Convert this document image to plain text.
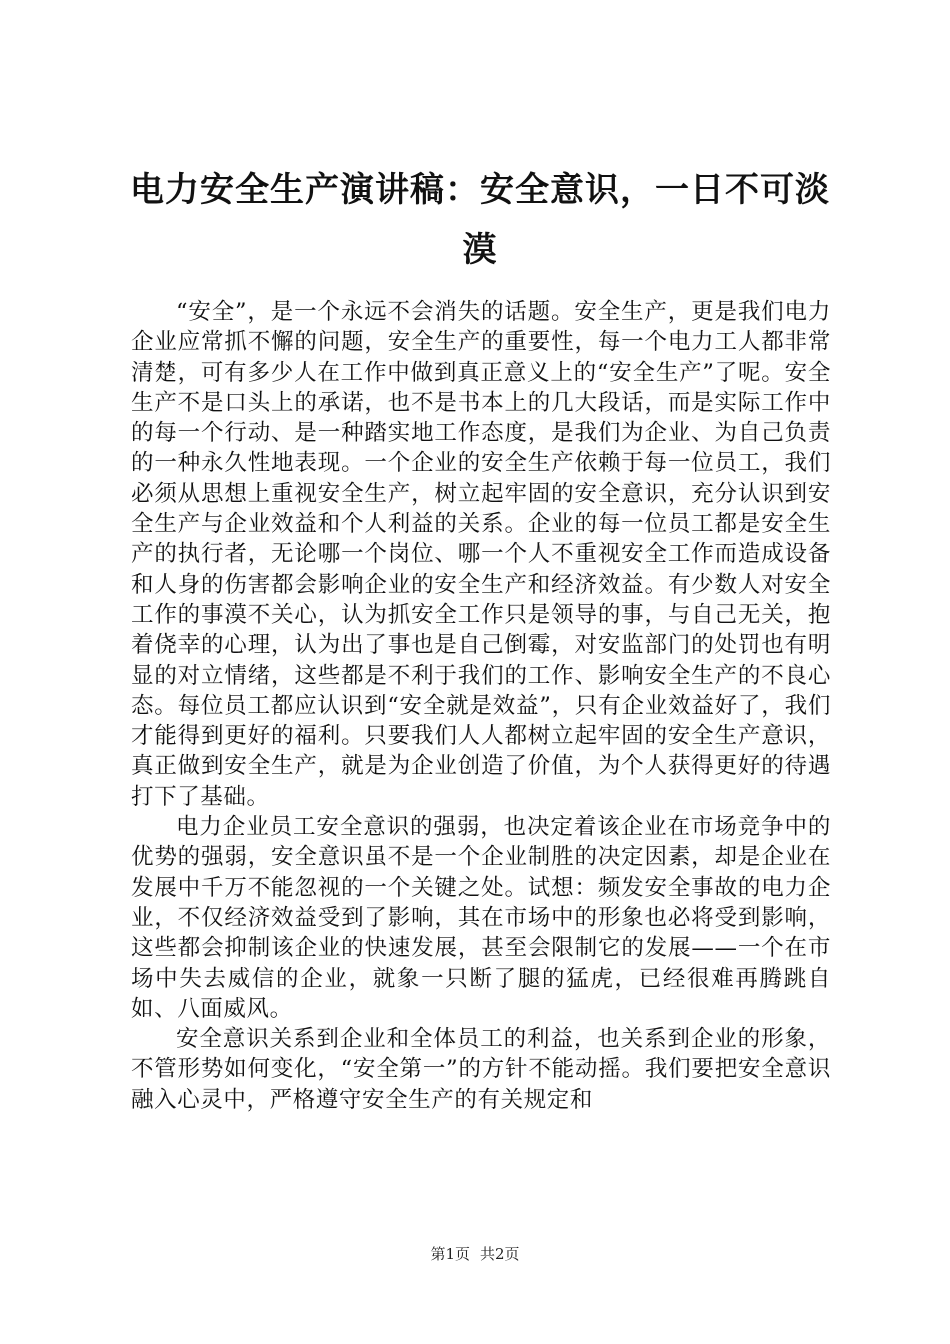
电力安全生产演讲稿：安全意识，一日不可淡漠

“安全”，是一个永远不会消失的话题。安全生产，更是我们电力企业应常抓不懈的问题，安全生产的重要性，每一个电力工人都非常清楚，可有多少人在工作中做到真正意义上的“安全生产”了呢。安全生产不是口头上的承诺，也不是书本上的几大段话，而是实际工作中的每一个行动、是一种踏实地工作态度，是我们为企业、为自己负责的一种永久性地表现。一个企业的安全生产依赖于每一位员工，我们必须从思想上重视安全生产，树立起牢固的安全意识，充分认识到安全生产与企业效益和个人利益的关系。企业的每一位员工都是安全生产的执行者，无论哪一个岗位、哪一个人不重视安全工作而造成设备和人身的伤害都会影响企业的安全生产和经济效益。有少数人对安全工作的事漠不关心，认为抓安全工作只是领导的事，与自己无关，抱着侥幸的心理，认为出了事也是自己倒霉，对安监部门的处罚也有明显的对立情绪，这些都是不利于我们的工作、影响安全生产的不良心态。每位员工都应认识到“安全就是效益”，只有企业效益好了，我们才能得到更好的福利。只要我们人人都树立起牢固的安全生产意识，真正做到安全生产，就是为企业创造了价值，为个人获得更好的待遇打下了基础。

电力企业员工安全意识的强弱，也决定着该企业在市场竞争中的优势的强弱，安全意识虽不是一个企业制胜的决定因素，却是企业在发展中千万不能忽视的一个关键之处。试想：频发安全事故的电力企业，不仅经济效益受到了影响，其在市场中的形象也必将受到影响，这些都会抑制该企业的快速发展，甚至会限制它的发展——一个在市场中失去威信的企业，就象一只断了腿的猛虎，已经很难再腾跳自如、八面威风。

安全意识关系到企业和全体员工的利益，也关系到企业的形象，不管形势如何变化，“安全第一”的方针不能动摇。我们要把安全意识融入心灵中，严格遵守安全生产的有关规定和

第1页 共2页
